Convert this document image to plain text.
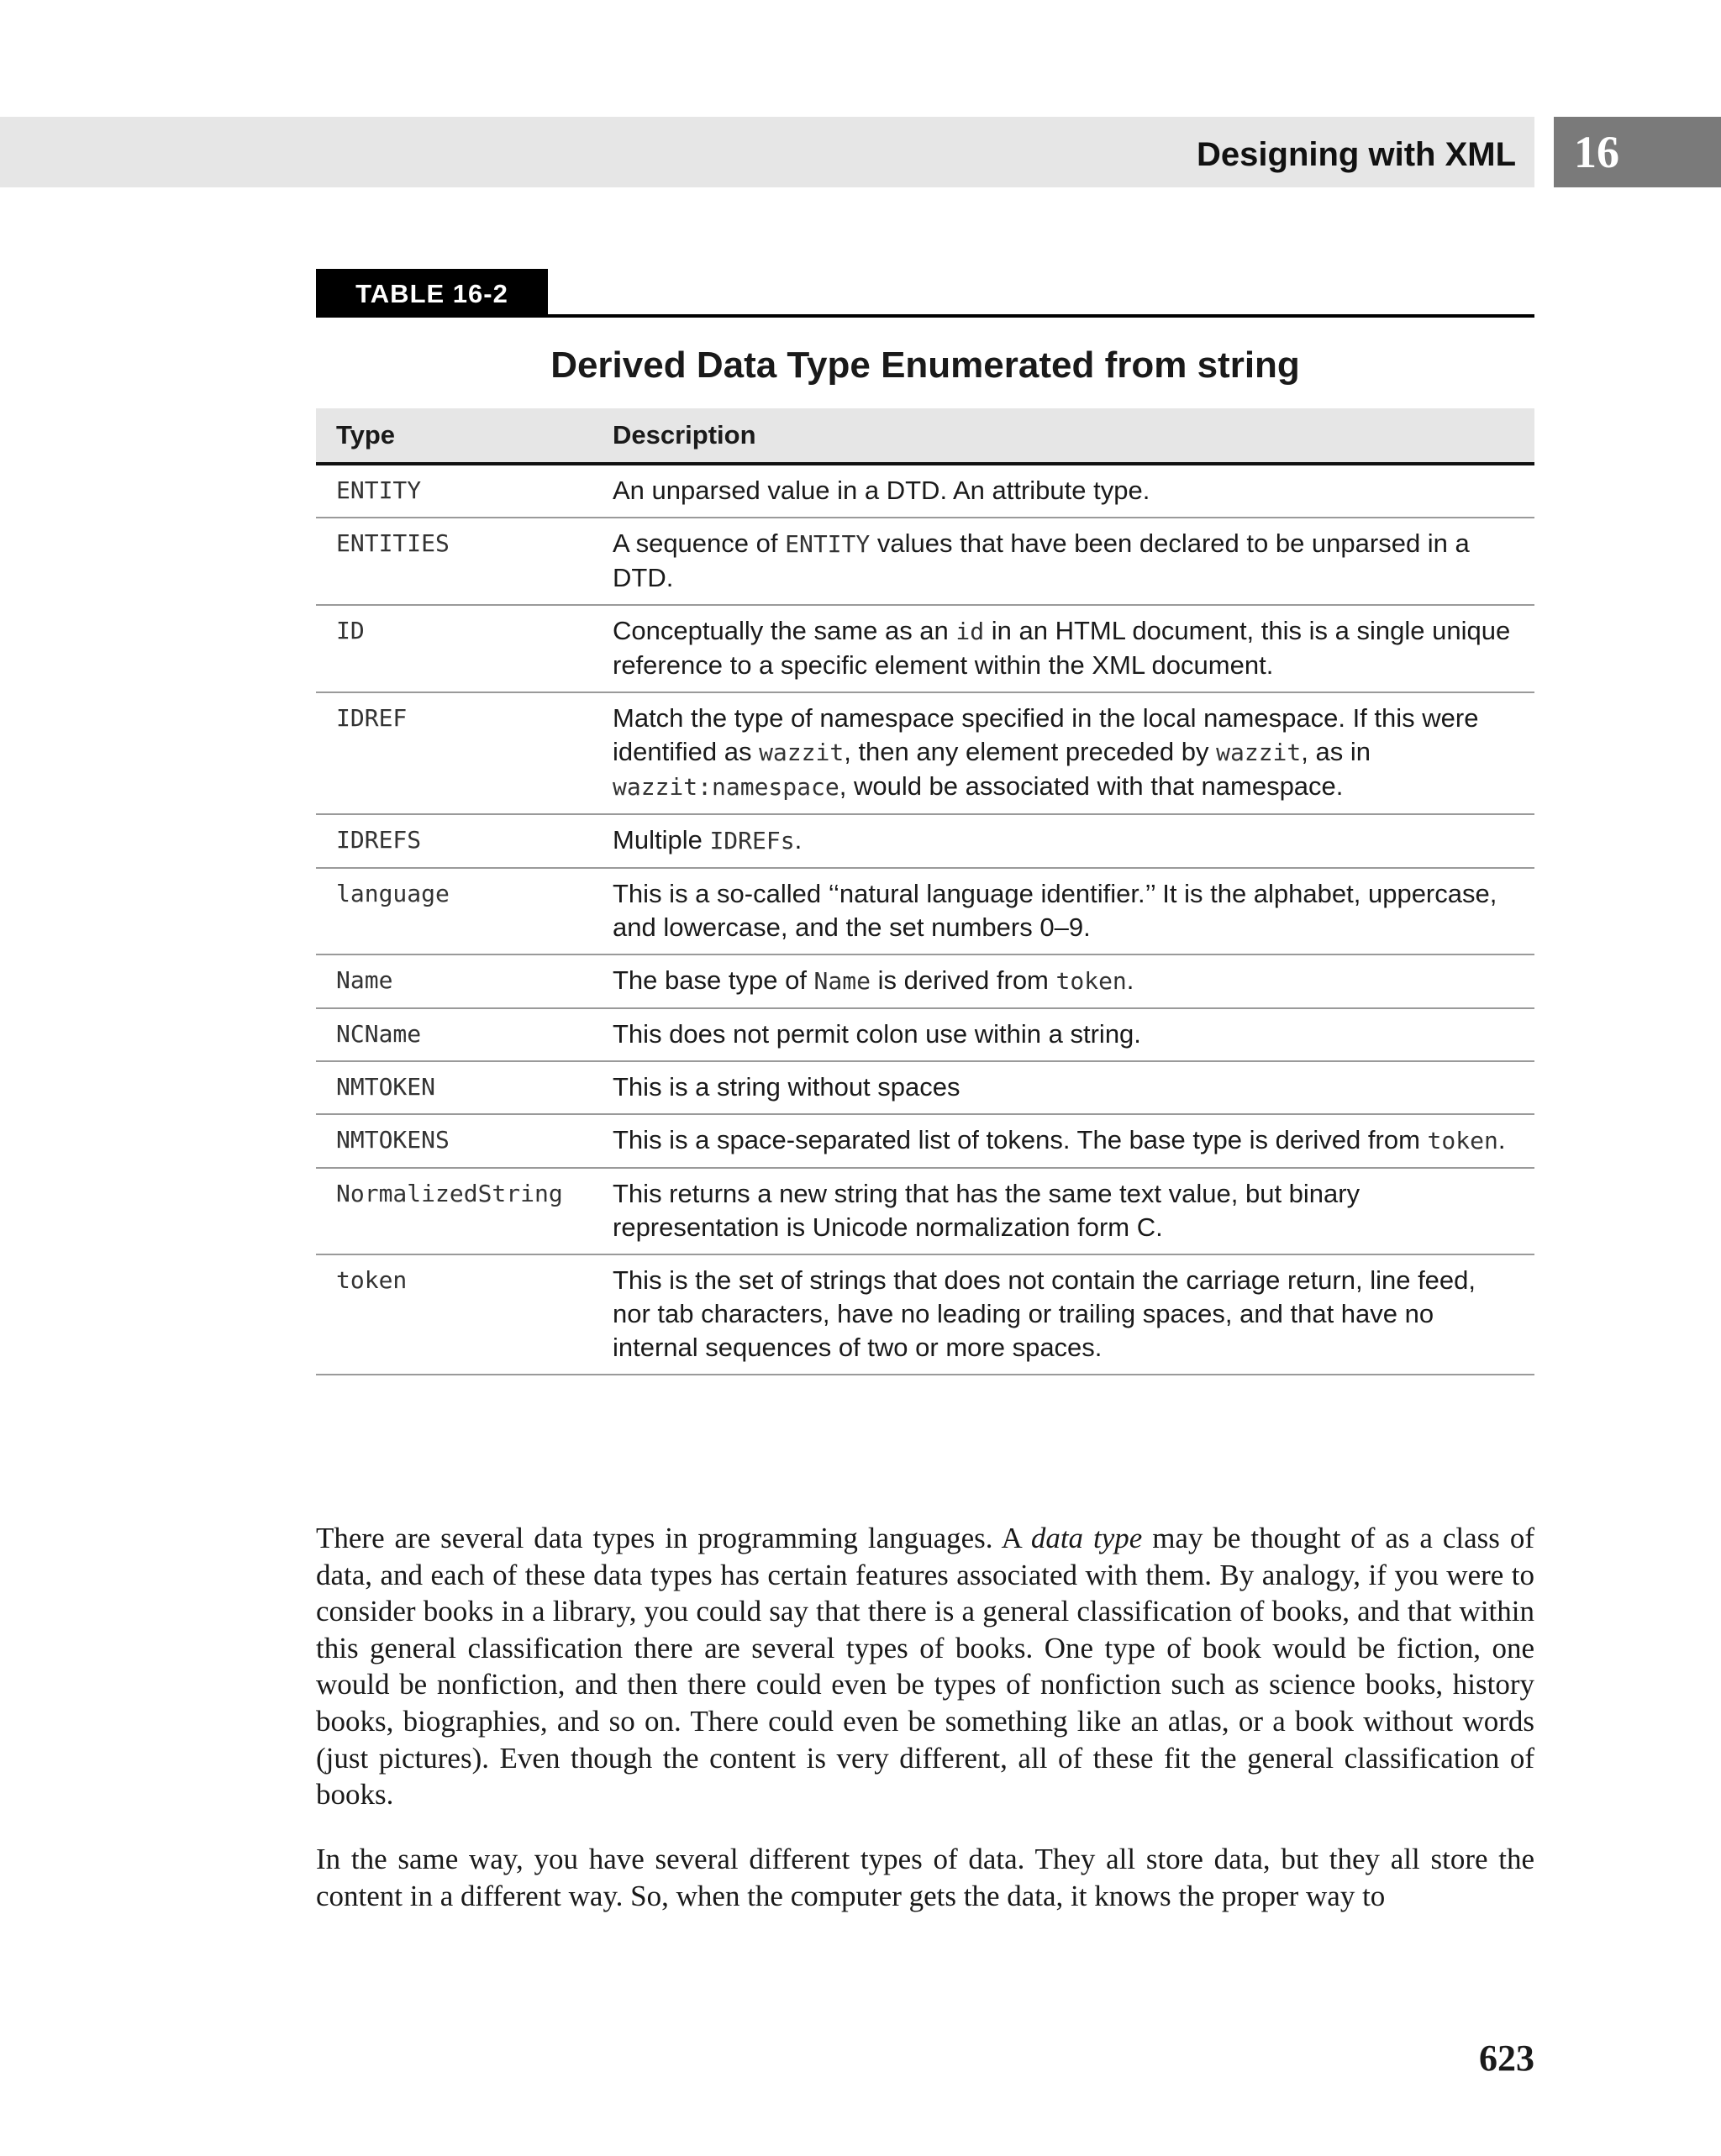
Designing with XML 16
TABLE 16-2
Derived Data Type Enumerated from string
Type	Description
ENTITY	An unparsed value in a DTD. An attribute type.
ENTITIES	A sequence of ENTITY values that have been declared to be unparsed in a DTD.
ID	Conceptually the same as an id in an HTML document, this is a single unique reference to a specific element within the XML document.
IDREF	Match the type of namespace specified in the local namespace. If this were identified as wazzit, then any element preceded by wazzit, as in wazzit:namespace, would be associated with that namespace.
IDREFS	Multiple IDREFs.
language	This is a so-called ‘‘natural language identifier.’’ It is the alphabet, uppercase, and lowercase, and the set numbers 0–9.
Name	The base type of Name is derived from token.
NCName	This does not permit colon use within a string.
NMTOKEN	This is a string without spaces
NMTOKENS	This is a space-separated list of tokens. The base type is derived from token.
NormalizedString	This returns a new string that has the same text value, but binary representation is Unicode normalization form C.
token	This is the set of strings that does not contain the carriage return, line feed, nor tab characters, have no leading or trailing spaces, and that have no internal sequences of two or more spaces.

There are several data types in programming languages. A data type may be thought of as a class of data, and each of these data types has certain features associated with them. By analogy, if you were to consider books in a library, you could say that there is a general classification of books, and that within this general classification there are several types of books. One type of book would be fiction, one would be nonfiction, and then there could even be types of nonfiction such as science books, history books, biographies, and so on. There could even be something like an atlas, or a book without words (just pictures). Even though the content is very different, all of these fit the general classification of books.

In the same way, you have several different types of data. They all store data, but they all store the content in a different way. So, when the computer gets the data, it knows the proper way to

623
